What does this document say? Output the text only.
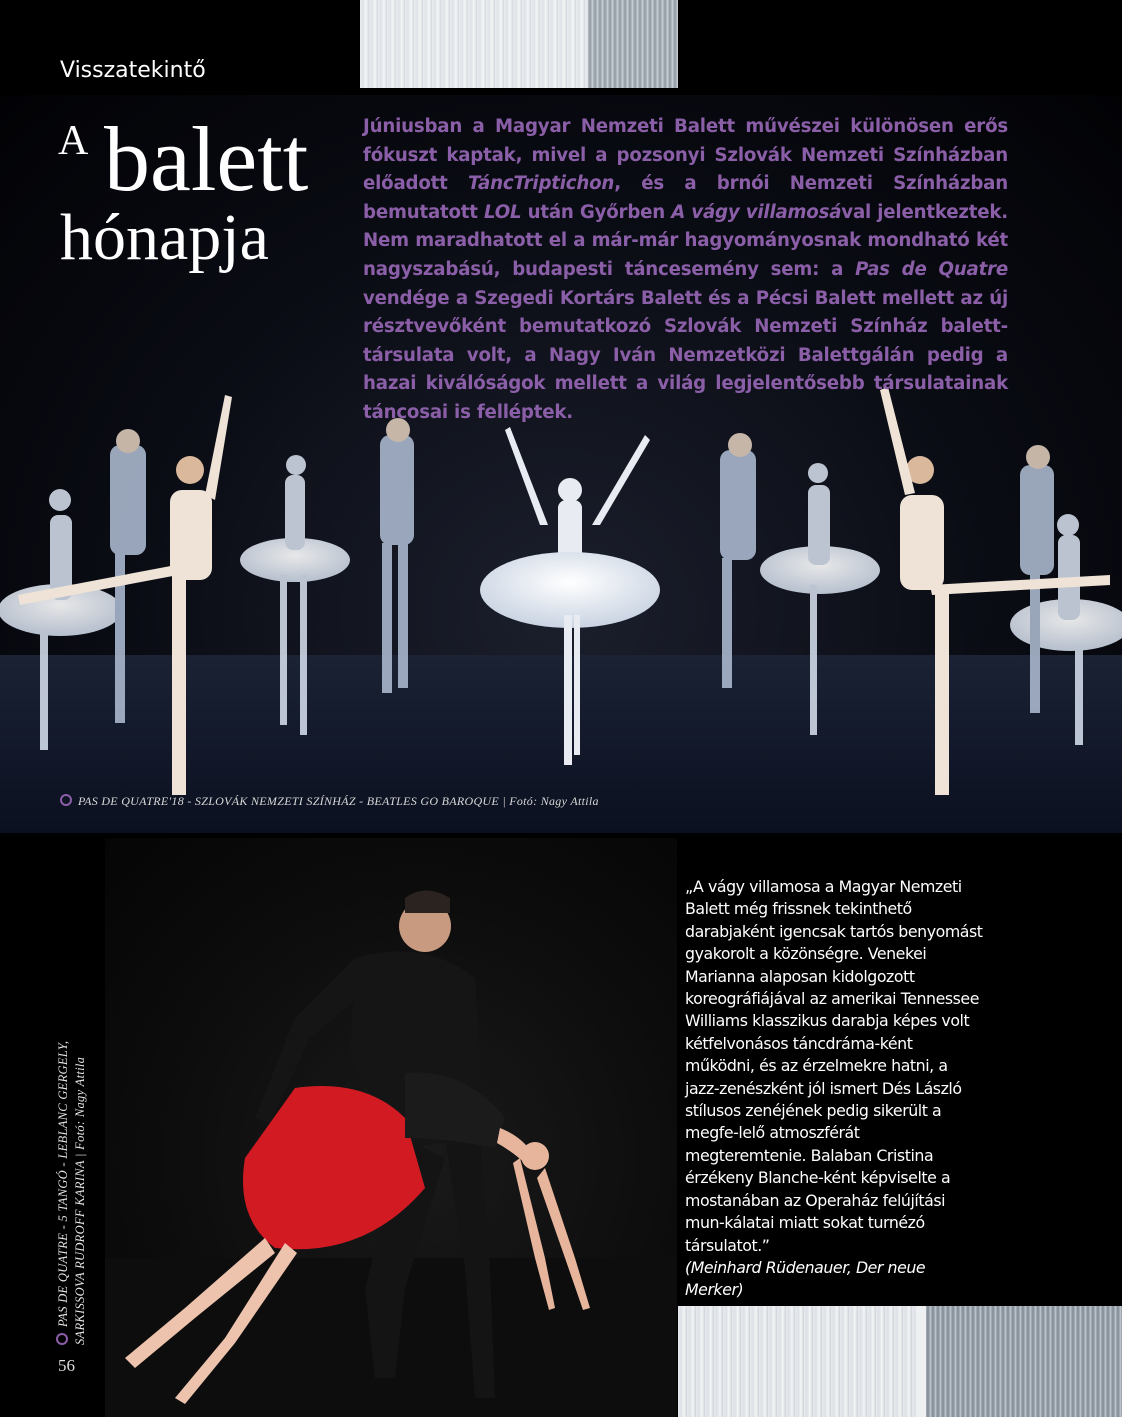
Visszatekintő
A balett
hónapja
Júniusban a Magyar Nemzeti Balett művészei különösen erős fókuszt kaptak, mivel a pozsonyi Szlovák Nemzeti Színházban előadott TáncTriptichon, és a brnói Nemzeti Színházban bemutatott LOL után Győrben A vágy villamosával jelentkeztek. Nem maradhatott el a már-már hagyományosnak mondható két nagyszabású, budapesti táncesemény sem: a Pas de Quatre vendége a Szegedi Kortárs Balett és a Pécsi Balett mellett az új résztvevőként bemutatkozó Szlovák Nemzeti Színház balett-társulata volt, a Nagy Iván Nemzetközi Balettgálán pedig a hazai kiválóságok mellett a világ legjelentősebb társulatainak táncosai is felléptek.
PAS DE QUATRE'18 - SZLOVÁK NEMZETI SZÍNHÁZ - BEATLES GO BAROQUE | Fotó: Nagy Attila
PAS DE QUATRE - 5 TANGÓ - LEBLANC GERGELY, SARKISSOVA RUDROFF KARINA | Fotó: Nagy Attila
56
„A vágy villamosa a Magyar Nemzeti Balett még frissnek tekinthető darabjaként igencsak tartós benyomást gyakorolt a közönségre. Venekei Marianna alaposan kidolgozott koreográfiájával az amerikai Tennessee Williams klasszikus darabja képes volt kétfelvonásos táncdráma-ként működni, és az érzelmekre hatni, a jazz-zenészként jól ismert Dés László stílusos zenéjének pedig sikerült a megfe-lelő atmoszférát megteremtenie. Balaban Cristina érzékeny Blanche-ként képviselte a mostanában az Operaház felújítási mun-kálatai miatt sokat turnézó társulatot.”
(Meinhard Rüdenauer, Der neue Merker)
